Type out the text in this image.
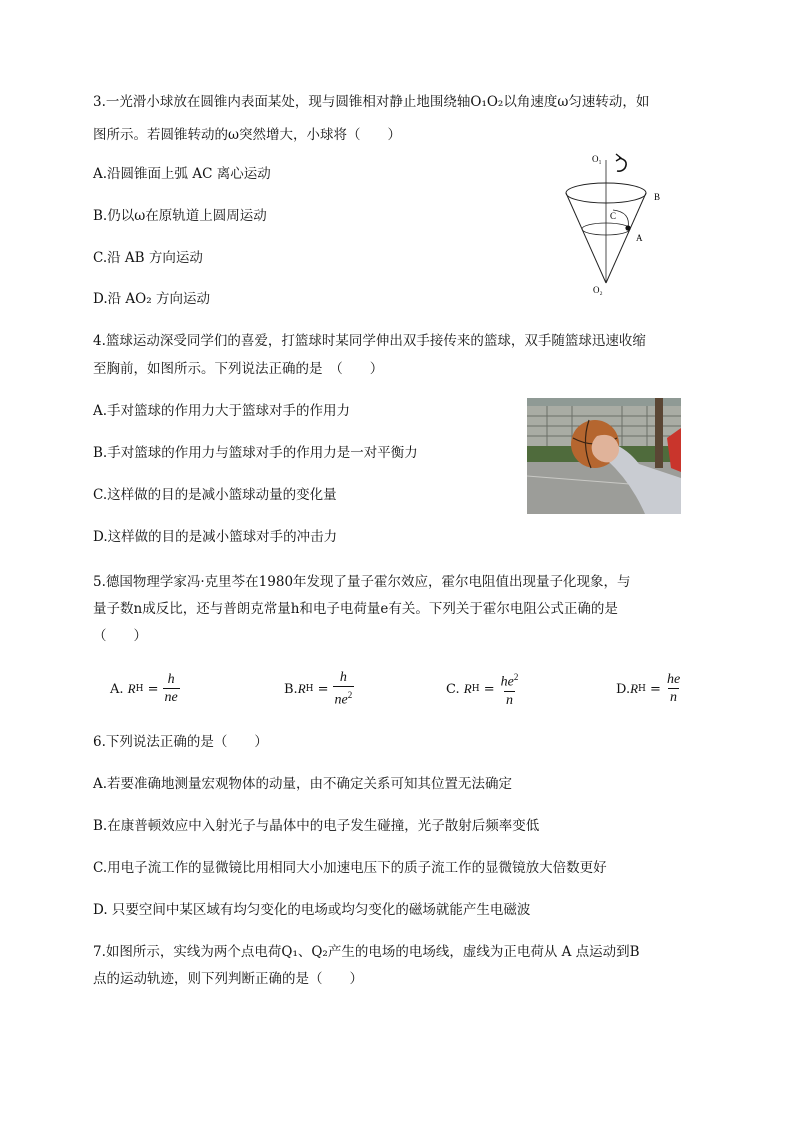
3.一光滑小球放在圆锥内表面某处，现与圆锥相对静止地围绕轴O₁O₂以角速度ω匀速转动，如
图所示。若圆锥转动的ω突然增大，小球将（　　）
A.沿圆锥面上弧 AC 离心运动
B.仍以ω在原轨道上圆周运动
C.沿 AB 方向运动
D.沿 AO₂ 方向运动
O₁
B
C
A
O₂
4.篮球运动深受同学们的喜爱，打篮球时某同学伸出双手接传来的篮球，双手随篮球迅速收缩
至胸前，如图所示。下列说法正确的是　（　　）
A.手对篮球的作用力大于篮球对手的作用力
B.手对篮球的作用力与篮球对手的作用力是一对平衡力
C.这样做的目的是减小篮球动量的变化量
D.这样做的目的是减小篮球对手的冲击力
5.德国物理学家冯·克里芩在1980年发现了量子霍尔效应，霍尔电阻值出现量子化现象，与
量子数n成反比，还与普朗克常量h和电子电荷量e有关。下列关于霍尔电阻公式正确的是
（　　）
A.
R $H = \frac{h}{ne}$	B. R $H = \frac{h}{ne^2}$	C.
R $H = \frac{he^2}{n}$	D. R $H = \frac{he}{n}$
6.下列说法正确的是（　　）
A.若要准确地测量宏观物体的动量，由不确定关系可知其位置无法确定
B.在康普顿效应中入射光子与晶体中的电子发生碰撞，光子散射后频率变低
C.用电子流工作的显微镜比用相同大小加速电压下的质子流工作的显微镜放大倍数更好
D. 只要空间中某区域有均匀变化的电场或均匀变化的磁场就能产生电磁波
7.如图所示，实线为两个点电荷Q₁、Q₂产生的电场的电场线，虚线为正电荷从 A 点运动到B
点的运动轨迹，则下列判断正确的是（　　）
